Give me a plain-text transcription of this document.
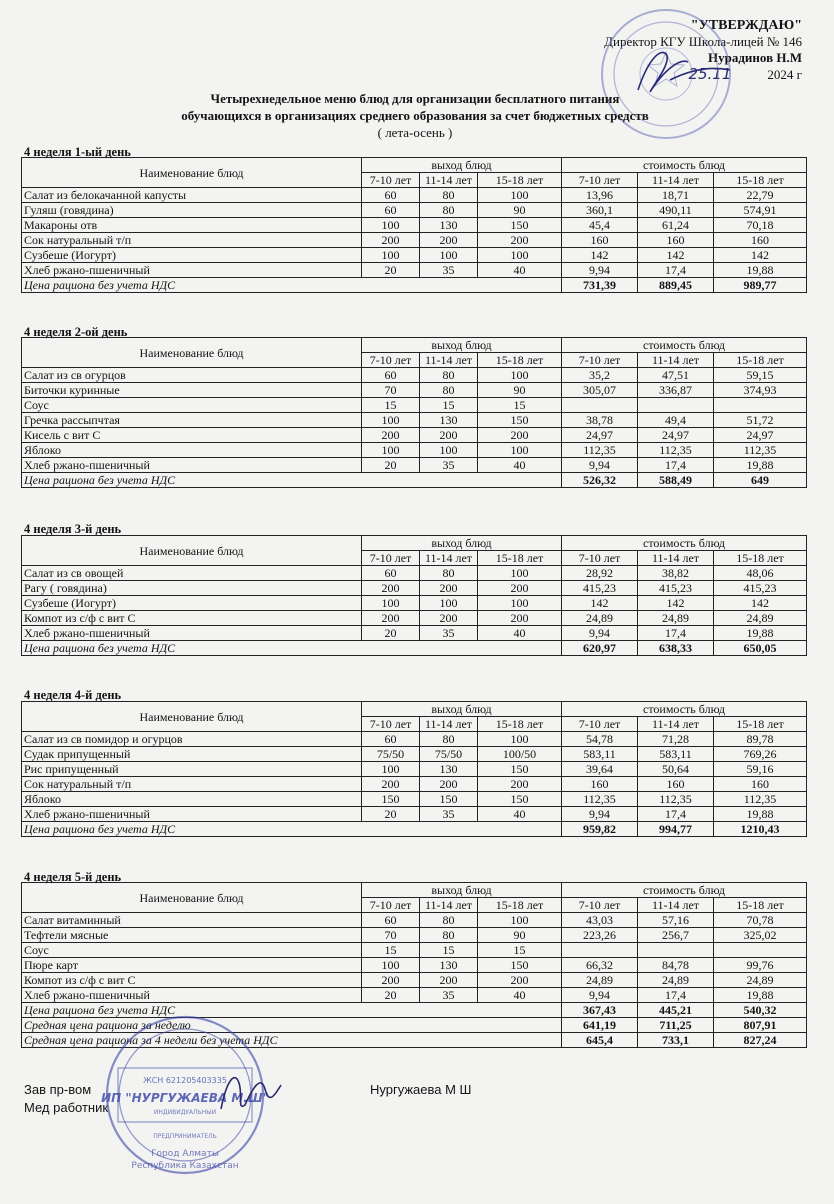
"УТВЕРЖДАЮ"
Директор КГУ Школа-лицей № 146
Нурадинов Н.М
25.11	2024 г
Четырехнедельное меню блюд для организации бесплатного питания
обучающихся в организациях среднего образования за счет бюджетных средств
( лета-осень )
4 неделя 1-ый день
Наименование блюд	выход блюд			стоимость блюд		
	7-10 лет	11-14 лет	15-18 лет	7-10 лет	11-14 лет	15-18 лет
Салат из белокачанной капусты	60	80	100	13,96	18,71	22,79
Гуляш (говядина)	60	80	90	360,1	490,11	574,91
Макароны отв	100	130	150	45,4	61,24	70,18
Сок натуральный т/п	200	200	200	160	160	160
Сузбеше (Иогурт)	100	100	100	142	142	142
Хлеб ржано-пшеничный	20	35	40	9,94	17,4	19,88
Цена рациона без учета НДС				731,39	889,45	989,77
4 неделя 2-ой день
Наименование блюд	выход блюд			стоимость блюд		
	7-10 лет	11-14 лет	15-18 лет	7-10 лет	11-14 лет	15-18 лет
Салат из св огурцов	60	80	100	35,2	47,51	59,15
Биточки куринные	70	80	90	305,07	336,87	374,93
Соус	15	15	15			
Гречка рассыпчтая	100	130	150	38,78	49,4	51,72
Кисель с вит С	200	200	200	24,97	24,97	24,97
Яблоко	100	100	100	112,35	112,35	112,35
Хлеб ржано-пшеничный	20	35	40	9,94	17,4	19,88
Цена рациона без учета НДС				526,32	588,49	649
4 неделя 3-й день
Наименование блюд	выход блюд			стоимость блюд		
	7-10 лет	11-14 лет	15-18 лет	7-10 лет	11-14 лет	15-18 лет
Салат из св овощей	60	80	100	28,92	38,82	48,06
Рагу ( говядина)	200	200	200	415,23	415,23	415,23
Сузбеше (Иогурт)	100	100	100	142	142	142
Компот из с/ф с вит С	200	200	200	24,89	24,89	24,89
Хлеб ржано-пшеничный	20	35	40	9,94	17,4	19,88
Цена рациона без учета НДС				620,97	638,33	650,05
4 неделя 4-й день
Наименование блюд	выход блюд			стоимость блюд		
	7-10 лет	11-14 лет	15-18 лет	7-10 лет	11-14 лет	15-18 лет
Салат из св помидор и огурцов	60	80	100	54,78	71,28	89,78
Судак припущенный	75/50	75/50	100/50	583,11	583,11	769,26
Рис припущенный	100	130	150	39,64	50,64	59,16
Сок натуральный т/п	200	200	200	160	160	160
Яблоко	150	150	150	112,35	112,35	112,35
Хлеб ржано-пшеничный	20	35	40	9,94	17,4	19,88
Цена рациона без учета НДС				959,82	994,77	1210,43
4 неделя 5-й день
Наименование блюд	выход блюд			стоимость блюд		
	7-10 лет	11-14 лет	15-18 лет	7-10 лет	11-14 лет	15-18 лет
Салат витаминный	60	80	100	43,03	57,16	70,78
Тефтели мясные	70	80	90	223,26	256,7	325,02
Соус	15	15	15			
Пюре карт	100	130	150	66,32	84,78	99,76
Компот из с/ф с вит С	200	200	200	24,89	24,89	24,89
Хлеб ржано-пшеничный	20	35	40	9,94	17,4	19,88
Цена рациона без учета НДС				367,43	445,21	540,32
Средная цена рациона за неделю				641,19	711,25	807,91
Средная цена рациона за 4 недели без учета НДС				645,4	733,1	827,24
Зав пр-вом
Мед работник
Нургужаева М Ш
ЖСН 621205403335
ИП "НУРГУЖАЕВА М.Ш"
ИНДИВИДУАЛЬНЫЙ
ПРЕДПРИНИМАТЕЛЬ
Город Алматы
Республика Казахстан
